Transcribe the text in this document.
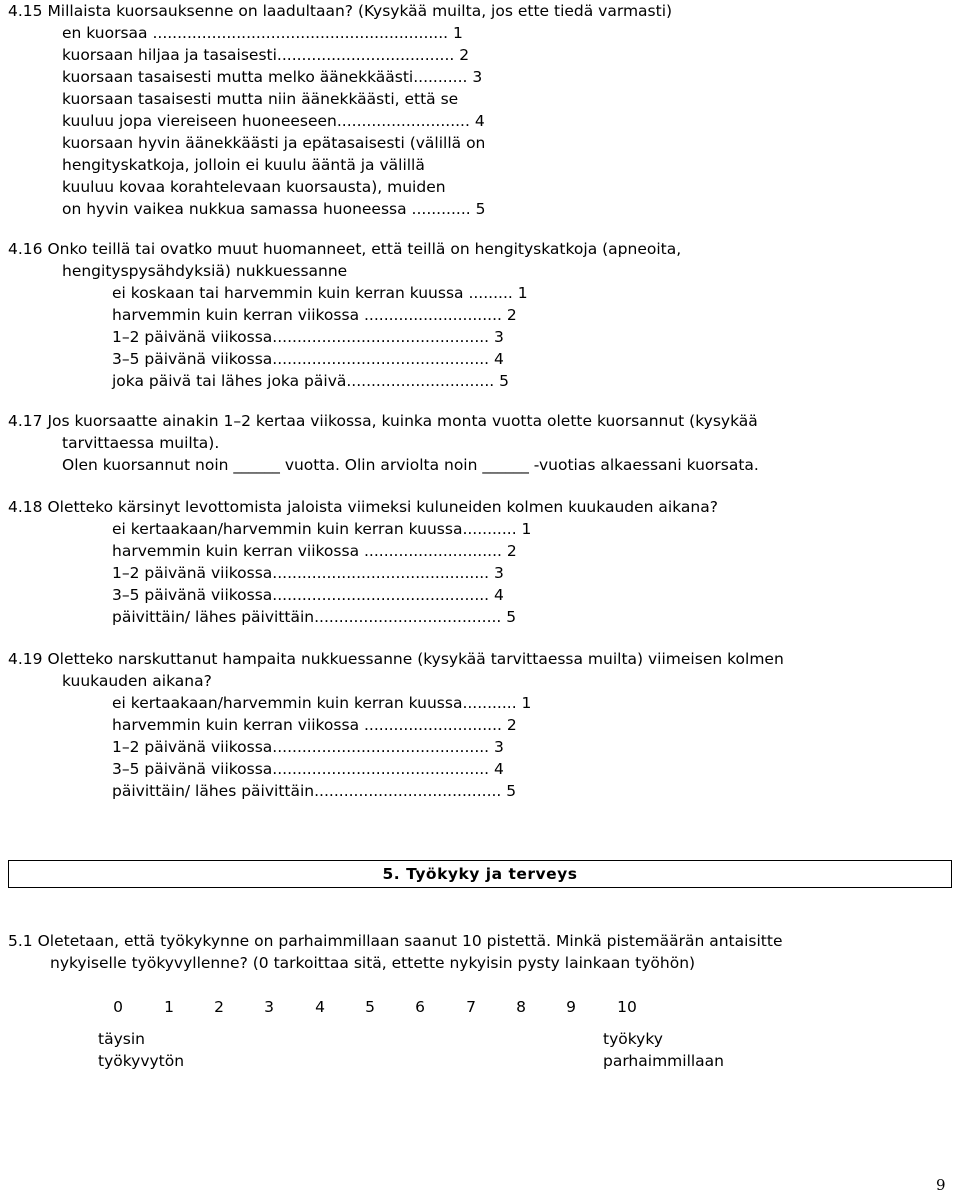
4.15 Millaista kuorsauksenne on laadultaan? (Kysykää muilta, jos ette tiedä varmasti)
en kuorsaa ............................................................ 1
kuorsaan hiljaa ja tasaisesti.................................... 2
kuorsaan tasaisesti mutta melko äänekkäästi........... 3
kuorsaan tasaisesti mutta niin äänekkäästi, että se
kuuluu jopa viereiseen huoneeseen........................... 4
kuorsaan hyvin äänekkäästi ja epätasaisesti (välillä on
hengityskatkoja, jolloin ei kuulu ääntä ja välillä
kuuluu kovaa korahtelevaan kuorsausta), muiden
on hyvin vaikea nukkua samassa huoneessa ............ 5
4.16 Onko teillä tai ovatko muut huomanneet, että teillä on hengityskatkoja (apneoita,
hengityspysähdyksiä) nukkuessanne
ei koskaan tai harvemmin kuin kerran kuussa ......... 1
harvemmin kuin kerran viikossa ............................ 2
1–2 päivänä viikossa............................................ 3
3–5 päivänä viikossa............................................ 4
joka päivä tai lähes joka päivä.............................. 5
4.17 Jos kuorsaatte ainakin 1–2 kertaa viikossa, kuinka monta vuotta olette kuorsannut (kysykää
tarvittaessa muilta).
Olen kuorsannut noin ______ vuotta. Olin arviolta noin ______ -vuotias alkaessani kuorsata.
4.18 Oletteko kärsinyt levottomista jaloista viimeksi kuluneiden kolmen kuukauden aikana?
ei kertaakaan/harvemmin kuin kerran kuussa........... 1
harvemmin kuin kerran viikossa ............................ 2
1–2 päivänä viikossa............................................ 3
3–5 päivänä viikossa............................................ 4
päivittäin/ lähes päivittäin...................................... 5
4.19 Oletteko narskuttanut hampaita nukkuessanne (kysykää tarvittaessa muilta) viimeisen kolmen
kuukauden aikana?
ei kertaakaan/harvemmin kuin kerran kuussa........... 1
harvemmin kuin kerran viikossa ............................ 2
1–2 päivänä viikossa............................................ 3
3–5 päivänä viikossa............................................ 4
päivittäin/ lähes päivittäin...................................... 5
5. Työkyky ja terveys
5.1 Oletetaan, että työkykynne on parhaimmillaan saanut 10 pistettä. Minkä pistemäärän antaisitte
nykyiselle työkyvyllenne? (0 tarkoittaa sitä, ettette nykyisin pysty lainkaan työhön)
0	1	2	3	4	5	6	7	8	9	10
täysin
työkyvytön
työkyky
parhaimmillaan
9
